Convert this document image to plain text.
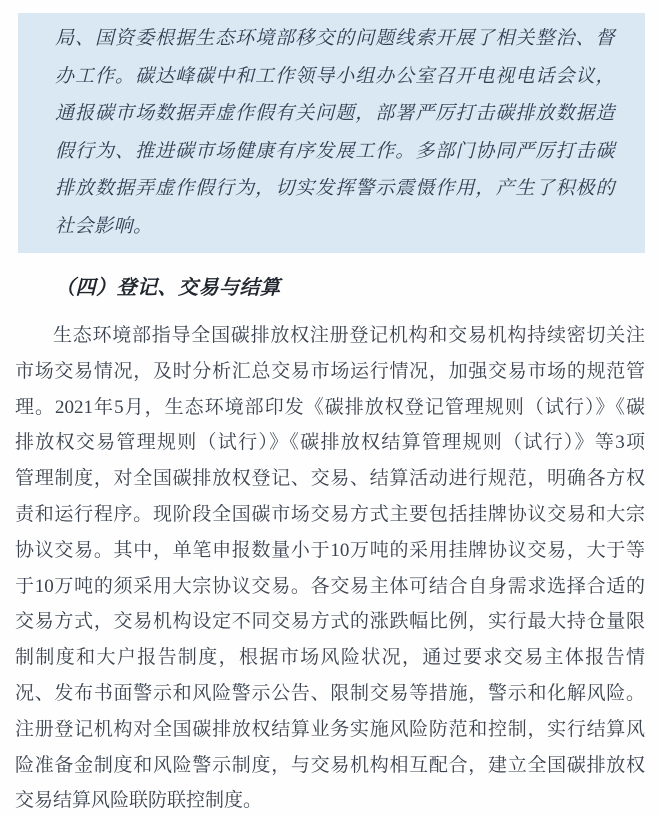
局、国资委根据生态环境部移交的问题线索开展了相关整治、督
办工作。碳达峰碳中和工作领导小组办公室召开电视电话会议，
通报碳市场数据弄虚作假有关问题，部署严厉打击碳排放数据造
假行为、推进碳市场健康有序发展工作。多部门协同严厉打击碳
排放数据弄虚作假行为，切实发挥警示震慑作用，产生了积极的
社会影响。
（四）登记、交易与结算
生态环境部指导全国碳排放权注册登记机构和交易机构持续密切关注
市场交易情况，及时分析汇总交易市场运行情况，加强交易市场的规范管
理。2021年5月，生态环境部印发《碳排放权登记管理规则（试行）》《碳
排放权交易管理规则（试行）》《碳排放权结算管理规则（试行）》等3项
管理制度，对全国碳排放权登记、交易、结算活动进行规范，明确各方权
责和运行程序。现阶段全国碳市场交易方式主要包括挂牌协议交易和大宗
协议交易。其中，单笔申报数量小于10万吨的采用挂牌协议交易，大于等
于10万吨的须采用大宗协议交易。各交易主体可结合自身需求选择合适的
交易方式，交易机构设定不同交易方式的涨跌幅比例，实行最大持仓量限
制制度和大户报告制度，根据市场风险状况，通过要求交易主体报告情
况、发布书面警示和风险警示公告、限制交易等措施，警示和化解风险。
注册登记机构对全国碳排放权结算业务实施风险防范和控制，实行结算风
险准备金制度和风险警示制度，与交易机构相互配合，建立全国碳排放权
交易结算风险联防联控制度。
